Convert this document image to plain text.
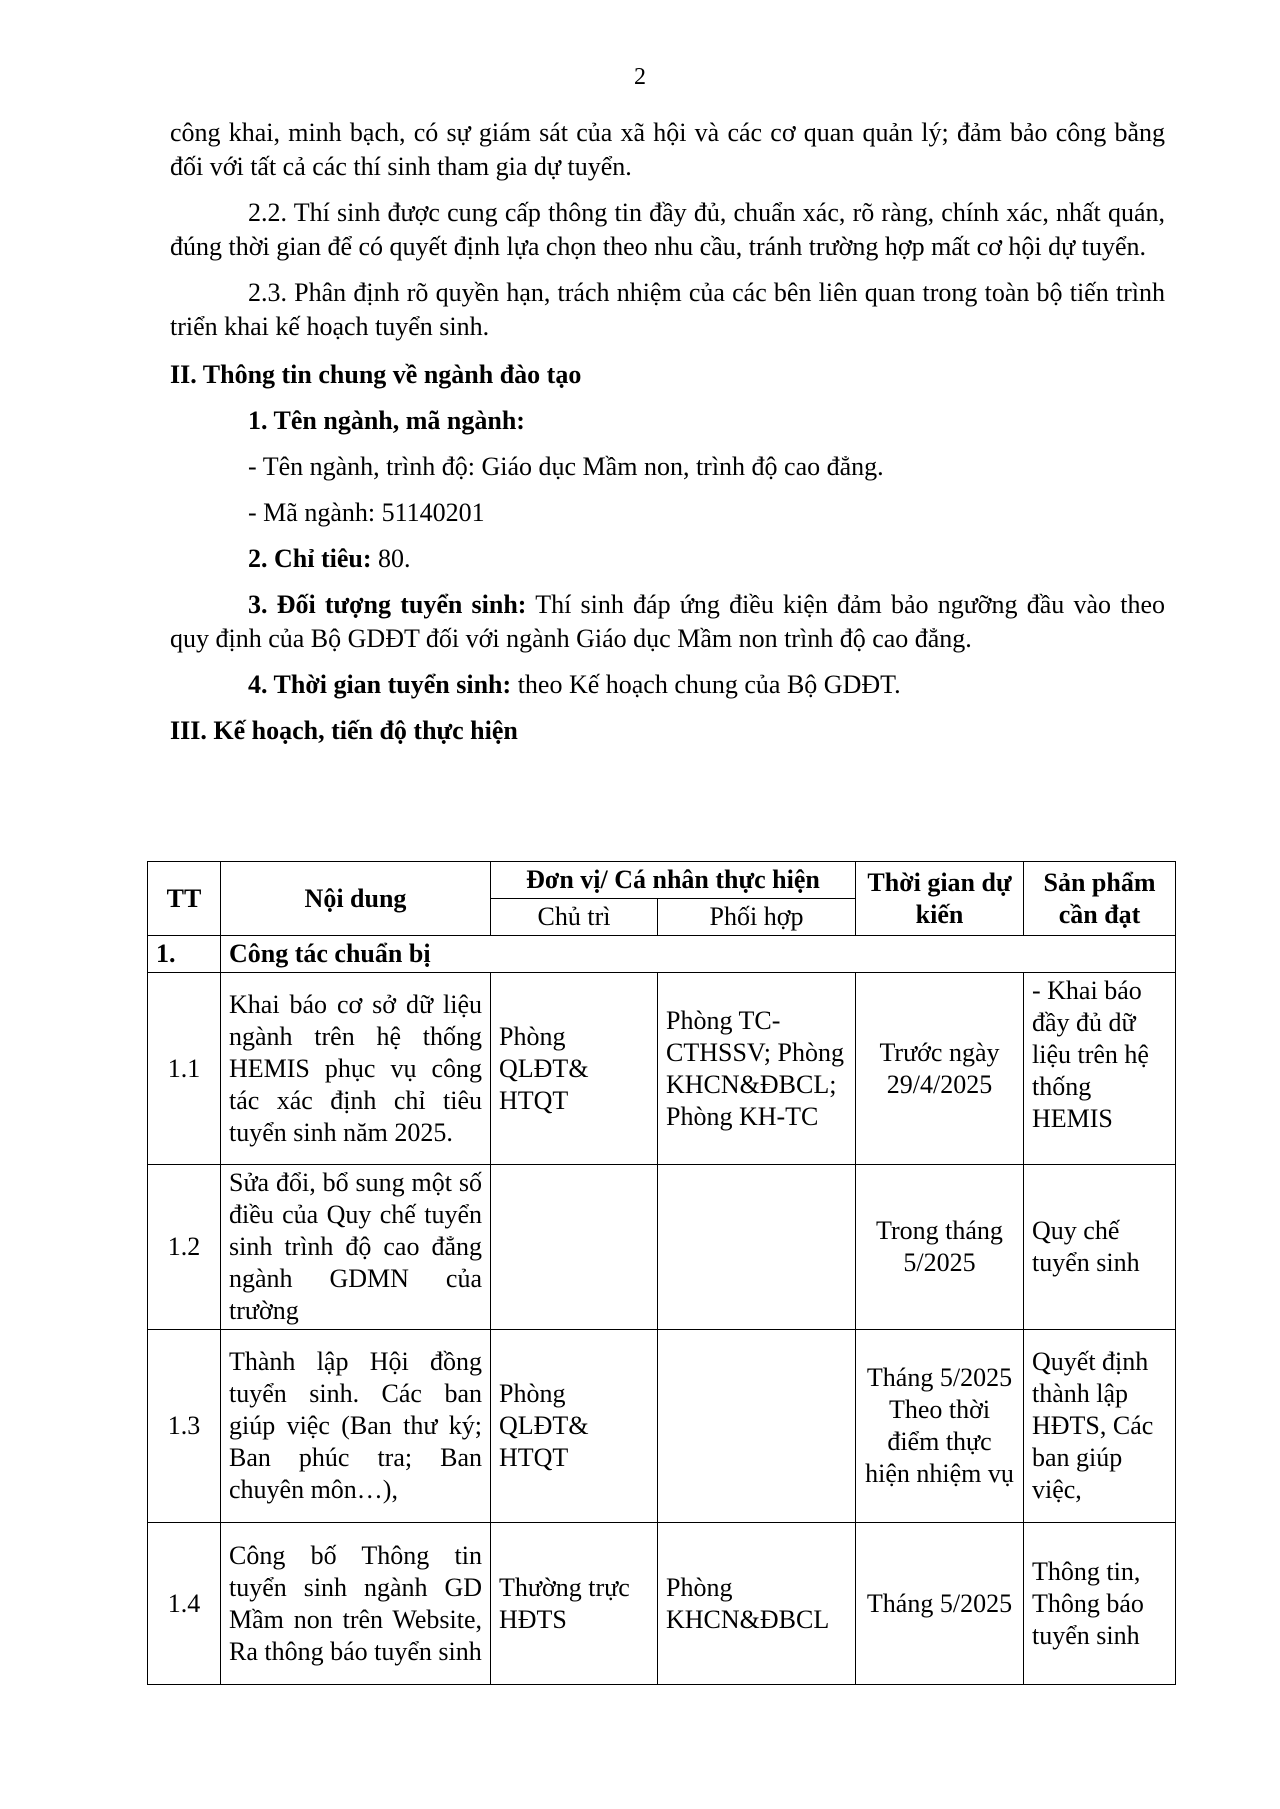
2

công khai, minh bạch, có sự giám sát của xã hội và các cơ quan quản lý; đảm bảo công bằng đối với tất cả các thí sinh tham gia dự tuyển.

2.2. Thí sinh được cung cấp thông tin đầy đủ, chuẩn xác, rõ ràng, chính xác, nhất quán, đúng thời gian để có quyết định lựa chọn theo nhu cầu, tránh trường hợp mất cơ hội dự tuyển.

2.3. Phân định rõ quyền hạn, trách nhiệm của các bên liên quan trong toàn bộ tiến trình triển khai kế hoạch tuyển sinh.

II. Thông tin chung về ngành đào tạo
1. Tên ngành, mã ngành:

- Tên ngành, trình độ: Giáo dục Mầm non, trình độ cao đẳng.

- Mã ngành: 51140201

2. Chỉ tiêu: 80.

3. Đối tượng tuyển sinh: Thí sinh đáp ứng điều kiện đảm bảo ngưỡng đầu vào theo quy định của Bộ GDĐT đối với ngành Giáo dục Mầm non trình độ cao đẳng.

4. Thời gian tuyển sinh: theo Kế hoạch chung của Bộ GDĐT.

III. Kế hoạch, tiến độ thực hiện
TT	Nội dung	Đơn vị/ Cá nhân thực hiện		Thời gian dự kiến	Sản phẩm cần đạt
		Chủ trì	Phối hợp		
1.	Công tác chuẩn bị				
1.1	Khai báo cơ sở dữ liệu ngành trên hệ thống HEMIS phục vụ công tác xác định chỉ tiêu tuyển sinh năm 2025.	Phòng QLĐT& HTQT	Phòng TC-CTHSSV; Phòng KHCN&ĐBCL; Phòng KH-TC	Trước ngày 29/4/2025	- Khai báo đầy đủ dữ liệu trên hệ thống HEMIS
1.2	Sửa đổi, bổ sung một số điều của Quy chế tuyển sinh trình độ cao đẳng ngành GDMN của trường			Trong tháng 5/2025	Quy chế tuyển sinh
1.3	Thành lập Hội đồng tuyển sinh. Các ban giúp việc (Ban thư ký; Ban phúc tra; Ban chuyên môn…),	Phòng QLĐT& HTQT		Tháng 5/2025 Theo thời điểm thực hiện nhiệm vụ	Quyết định thành lập HĐTS, Các ban giúp việc,
1.4	Công bố Thông tin tuyển sinh ngành GD Mầm non trên Website, Ra thông báo tuyển sinh	Thường trực HĐTS	Phòng KHCN&ĐBCL	Tháng 5/2025	Thông tin, Thông báo tuyển sinh
